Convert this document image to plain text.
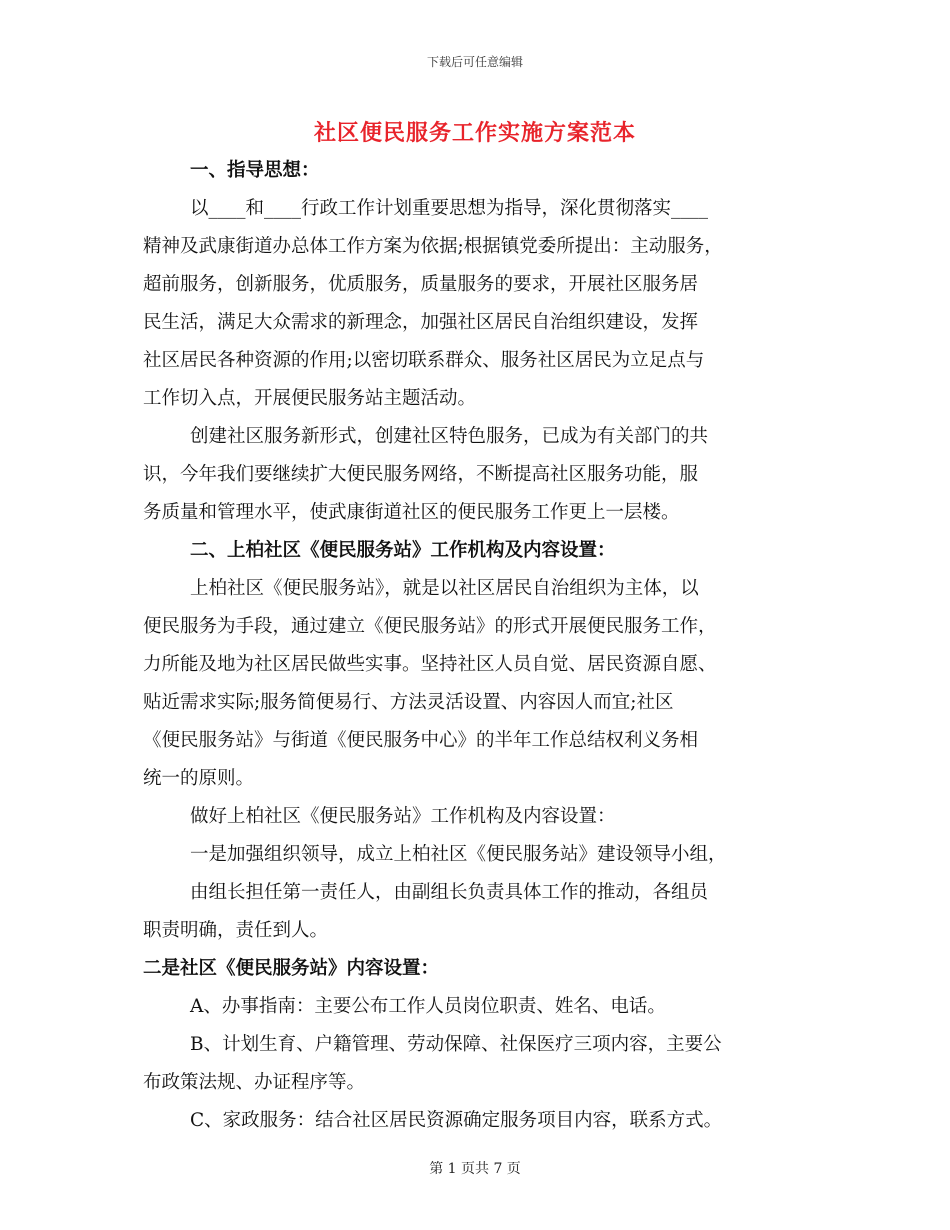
下载后可任意编辑
社区便民服务工作实施方案范本
一、指导思想：
以____和____行政工作计划重要思想为指导，深化贯彻落实____
精神及武康街道办总体工作方案为依据;根据镇党委所提出：主动服务，
超前服务，创新服务，优质服务，质量服务的要求，开展社区服务居
民生活，满足大众需求的新理念，加强社区居民自治组织建设，发挥
社区居民各种资源的作用;以密切联系群众、服务社区居民为立足点与
工作切入点，开展便民服务站主题活动。
创建社区服务新形式，创建社区特色服务，已成为有关部门的共
识，今年我们要继续扩大便民服务网络，不断提高社区服务功能，服
务质量和管理水平，使武康街道社区的便民服务工作更上一层楼。
二、上柏社区《便民服务站》工作机构及内容设置：
上柏社区《便民服务站》，就是以社区居民自治组织为主体，以
便民服务为手段，通过建立《便民服务站》的形式开展便民服务工作，
力所能及地为社区居民做些实事。坚持社区人员自觉、居民资源自愿、
贴近需求实际;服务简便易行、方法灵活设置、内容因人而宜;社区
《便民服务站》与街道《便民服务中心》的半年工作总结权利义务相
统一的原则。
做好上柏社区《便民服务站》工作机构及内容设置：
一是加强组织领导，成立上柏社区《便民服务站》建设领导小组，
由组长担任第一责任人，由副组长负责具体工作的推动，各组员
职责明确，责任到人。
二是社区《便民服务站》内容设置：
A、办事指南：主要公布工作人员岗位职责、姓名、电话。
B、计划生育、户籍管理、劳动保障、社保医疗三项内容，主要公
布政策法规、办证程序等。
C、家政服务：结合社区居民资源确定服务项目内容，联系方式。
第 1 页共 7 页
